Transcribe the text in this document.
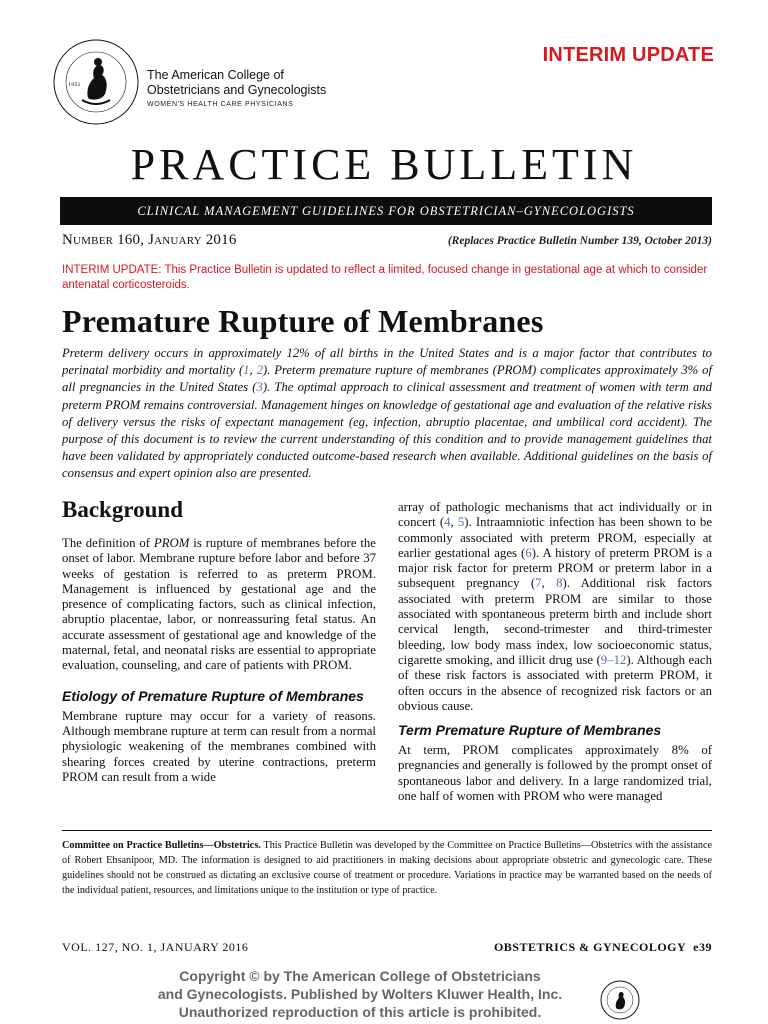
1951
The American College of
Obstetricians and Gynecologists
WOMEN'S HEALTH CARE PHYSICIANS
INTERIM UPDATE
PRACTICE BULLETIN
CLINICAL MANAGEMENT GUIDELINES FOR OBSTETRICIAN–GYNECOLOGISTS
Number 160, January 2016	(Replaces Practice Bulletin Number 139, October 2013)
INTERIM UPDATE: This Practice Bulletin is updated to reflect a limited, focused change in gestational age at which to consider antenatal corticosteroids.
Premature Rupture of Membranes
Preterm delivery occurs in approximately 12% of all births in the United States and is a major factor that contributes to perinatal morbidity and mortality (1, 2). Preterm premature rupture of membranes (PROM) complicates approximately 3% of all pregnancies in the United States (3). The optimal approach to clinical assessment and treatment of women with term and preterm PROM remains controversial. Management hinges on knowledge of gestational age and evaluation of the relative risks of delivery versus the risks of expectant management (eg, infection, abruptio placentae, and umbilical cord accident). The purpose of this document is to review the current understanding of this condition and to provide management guidelines that have been validated by appropriately conducted outcome-based research when available. Additional guidelines on the basis of consensus and expert opinion also are presented.
Background

The definition of PROM is rupture of membranes before the onset of labor. Membrane rupture before labor and before 37 weeks of gestation is referred to as preterm PROM. Management is influenced by gestational age and the presence of complicating factors, such as clinical infection, abruptio placentae, labor, or nonreassuring fetal status. An accurate assessment of gestational age and knowledge of the maternal, fetal, and neonatal risks are essential to appropriate evaluation, counseling, and care of patients with PROM.

Etiology of Premature Rupture of Membranes

Membrane rupture may occur for a variety of reasons. Although membrane rupture at term can result from a normal physiologic weakening of the membranes combined with shearing forces created by uterine contractions, preterm PROM can result from a wide

array of pathologic mechanisms that act individually or in concert (4, 5). Intraamniotic infection has been shown to be commonly associated with preterm PROM, especially at earlier gestational ages (6). A history of preterm PROM is a major risk factor for preterm PROM or preterm labor in a subsequent pregnancy (7, 8). Additional risk factors associated with preterm PROM are similar to those associated with spontaneous preterm birth and include short cervical length, second-trimester and third-trimester bleeding, low body mass index, low socioeconomic status, cigarette smoking, and illicit drug use (9–12). Although each of these risk factors is associated with preterm PROM, it often occurs in the absence of recognized risk factors or an obvious cause.

Term Premature Rupture of Membranes

At term, PROM complicates approximately 8% of pregnancies and generally is followed by the prompt onset of spontaneous labor and delivery. In a large randomized trial, one half of women with PROM who were managed

Committee on Practice Bulletins—Obstetrics. This Practice Bulletin was developed by the Committee on Practice Bulletins—Obstetrics with the assistance of Robert Ehsanipoor, MD. The information is designed to aid practitioners in making decisions about appropriate obstetric and gynecologic care. These guidelines should not be construed as dictating an exclusive course of treatment or procedure. Variations in practice may be warranted based on the needs of the individual patient, resources, and limitations unique to the institution or type of practice.
VOL. 127, NO. 1, JANUARY 2016	OBSTETRICS & GYNECOLOGY e39
Copyright © by The American College of Obstetricians
and Gynecologists. Published by Wolters Kluwer Health, Inc.
Unauthorized reproduction of this article is prohibited.
